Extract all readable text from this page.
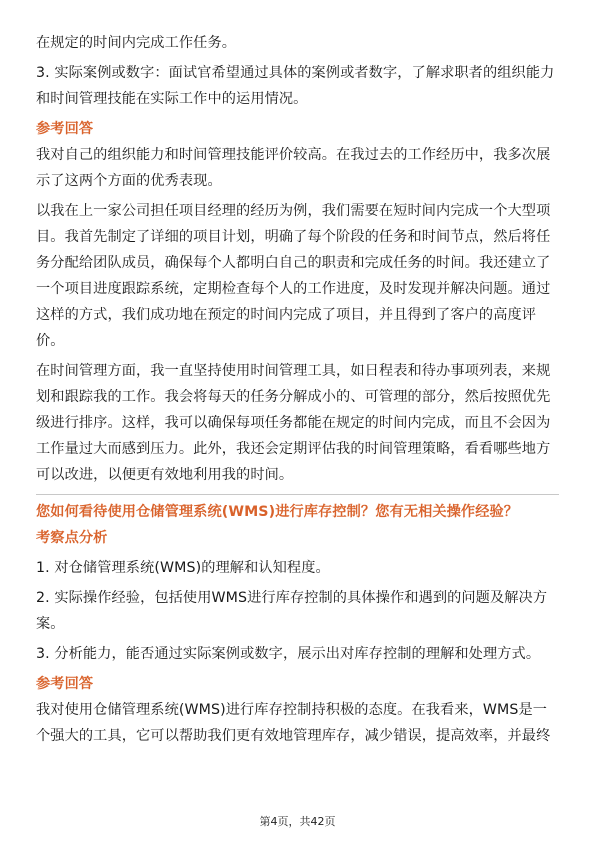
在规定的时间内完成工作任务。

3. 实际案例或数字：面试官希望通过具体的案例或者数字，了解求职者的组织能力和时间管理技能在实际工作中的运用情况。

参考回答

我对自己的组织能力和时间管理技能评价较高。在我过去的工作经历中，我多次展示了这两个方面的优秀表现。

以我在上一家公司担任项目经理的经历为例，我们需要在短时间内完成一个大型项目。我首先制定了详细的项目计划，明确了每个阶段的任务和时间节点，然后将任务分配给团队成员，确保每个人都明白自己的职责和完成任务的时间。我还建立了一个项目进度跟踪系统，定期检查每个人的工作进度，及时发现并解决问题。通过这样的方式，我们成功地在预定的时间内完成了项目，并且得到了客户的高度评价。

在时间管理方面，我一直坚持使用时间管理工具，如日程表和待办事项列表，来规划和跟踪我的工作。我会将每天的任务分解成小的、可管理的部分，然后按照优先级进行排序。这样，我可以确保每项任务都能在规定的时间内完成，而且不会因为工作量过大而感到压力。此外，我还会定期评估我的时间管理策略，看看哪些地方可以改进，以便更有效地利用我的时间。

您如何看待使用仓储管理系统(WMS)进行库存控制？您有无相关操作经验？

考察点分析

1. 对仓储管理系统(WMS)的理解和认知程度。

2. 实际操作经验，包括使用WMS进行库存控制的具体操作和遇到的问题及解决方案。

3. 分析能力，能否通过实际案例或数字，展示出对库存控制的理解和处理方式。

参考回答

我对使用仓储管理系统(WMS)进行库存控制持积极的态度。在我看来，WMS是一个强大的工具，它可以帮助我们更有效地管理库存，减少错误，提高效率，并最终

第4页，共42页
